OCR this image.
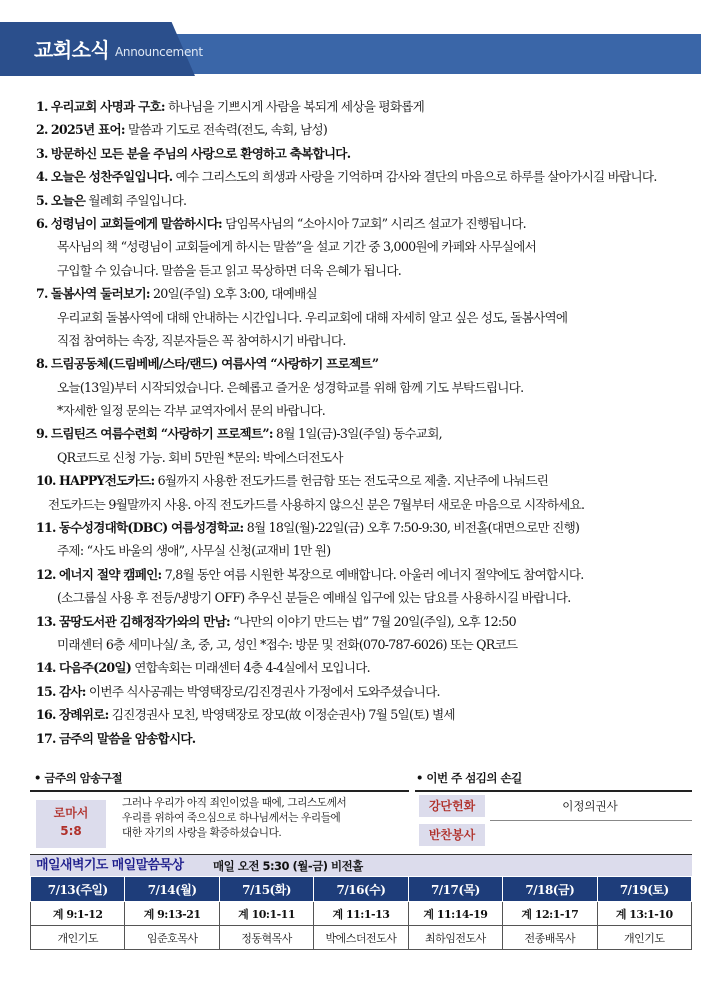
교회소식 Announcement
1. 우리교회 사명과 구호: 하나님을 기쁘시게 사람을 복되게 세상을 평화롭게
2. 2025년 표어: 말씀과 기도로 전속력(전도, 속회, 남성)
3. 방문하신 모든 분을 주님의 사랑으로 환영하고 축복합니다.
4. 오늘은 성찬주일입니다. 예수 그리스도의 희생과 사랑을 기억하며 감사와 결단의 마음으로 하루를 살아가시길 바랍니다.
5. 오늘은 월례회 주일입니다.
6. 성령님이 교회들에게 말씀하시다: 담임목사님의 “소아시아 7교회” 시리즈 설교가 진행됩니다.
목사님의 책 “성령님이 교회들에게 하시는 말씀”을 설교 기간 중 3,000원에 카페와 사무실에서
구입할 수 있습니다. 말씀을 듣고 읽고 묵상하면 더욱 은혜가 됩니다.
7. 돌봄사역 둘러보기: 20일(주일) 오후 3:00, 대예배실
우리교회 돌봄사역에 대해 안내하는 시간입니다. 우리교회에 대해 자세히 알고 싶은 성도, 돌봄사역에
직접 참여하는 속장, 직분자들은 꼭 참여하시기 바랍니다.
8. 드림공동체(드림베베/스타/랜드) 여름사역 “사랑하기 프로젝트”
오늘(13일)부터 시작되었습니다. 은혜롭고 즐거운 성경학교를 위해 함께 기도 부탁드립니다.
*자세한 일정 문의는 각부 교역자에서 문의 바랍니다.
9. 드림틴즈 여름수련회 “사랑하기 프로젝트”: 8월 1일(금)-3일(주일) 동수교회,
QR코드로 신청 가능. 회비 5만원 *문의: 박에스더전도사
10. HAPPY전도카드: 6월까지 사용한 전도카드를 헌금함 또는 전도국으로 제출. 지난주에 나눠드린
전도카드는 9월말까지 사용. 아직 전도카드를 사용하지 않으신 분은 7월부터 새로운 마음으로 시작하세요.
11. 동수성경대학(DBC) 여름성경학교: 8월 18일(월)-22일(금) 오후 7:50-9:30, 비전홀(대면으로만 진행)
주제: “사도 바울의 생애”, 사무실 신청(교재비 1만 원)
12. 에너지 절약 캠페인: 7,8월 동안 여름 시원한 복장으로 예배합니다. 아울러 에너지 절약에도 참여합시다.
(소그룹실 사용 후 전등/냉방기 OFF) 추우신 분들은 예배실 입구에 있는 담요를 사용하시길 바랍니다.
13. 꿈땅도서관 김해정작가와의 만남: “나만의 이야기 만드는 법” 7월 20일(주일), 오후 12:50
미래센터 6층 세미나실/ 초, 중, 고, 성인 *접수: 방문 및 전화(070-787-6026) 또는 QR코드
14. 다음주(20일) 연합속회는 미래센터 4층 4-4실에서 모입니다.
15. 감사: 이번주 식사공궤는 박영택장로/김진경권사 가정에서 도와주셨습니다.
16. 장례위로: 김진경권사 모친, 박영택장로 장모(故 이정순권사) 7월 5일(토) 별세
17. 금주의 말씀을 암송합시다.
• 금주의 암송구절	• 이번 주 섬김의 손길
로마서
5:8
그러나 우리가 아직 죄인이었을 때에, 그리스도께서
우리를 위하여 죽으심으로 하나님께서는 우리들에
대한 자기의 사랑을 확증하셨습니다.
강단헌화	이정의권사
반찬봉사
매일새벽기도 매일말씀묵상	매일 오전 5:30 (월-금) 비전홀
7/13(주일)	7/14(월)	7/15(화)	7/16(수)	7/17(목)	7/18(금)	7/19(토)
계 9:1-12	계 9:13-21	계 10:1-11	계 11:1-13	계 11:14-19	계 12:1-17	계 13:1-10
개인기도	임준호목사	정동혁목사	박에스더전도사	최하임전도사	전종배목사	개인기도
